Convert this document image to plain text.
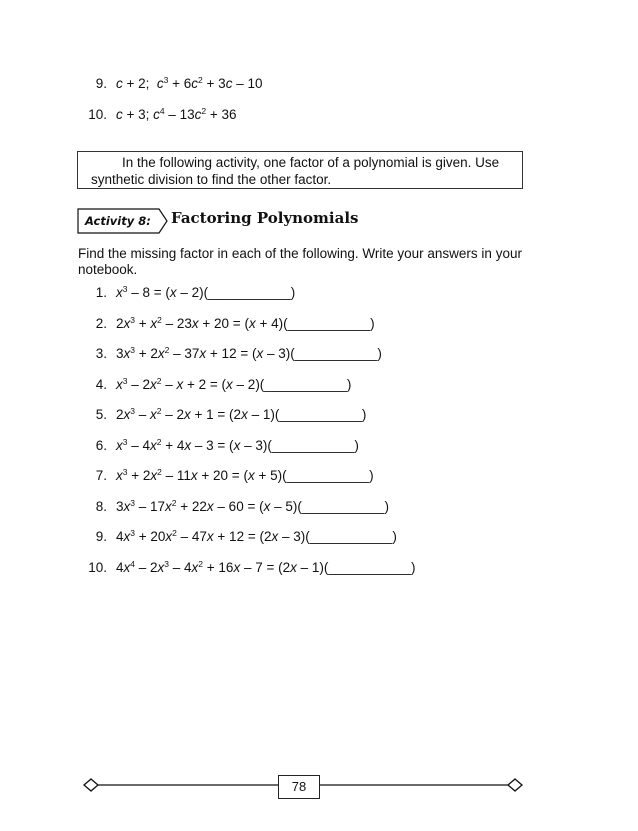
9. c + 2;  $c^3 + 6c^2 + 3c - 10$
10. c + 3; $c^4 - 13c^2 + 36$
In the following activity, one factor of a polynomial is given. Use
synthetic division to find the other factor.
Activity 8: Factoring Polynomials
Find the missing factor in each of the following. Write your answers in your notebook.
1. $x^3 - 8 = (x$ – 2)(___________)
2. $2x^3 + x^2 - 23x + 20 = (x$ + 4)(___________)
3. $3x^3 + 2x^2 - 37x + 12 = (x$ – 3)(___________)
4. $x^3 - 2x^2 - x + 2 = (x$ – 2)(___________)
5. $2x^3 - x^2 - 2x + 1 = (2x$ – 1)(___________)
6. $x^3 - 4x^2 + 4x - 3 = (x$ – 3)(___________)
7. $x^3 + 2x^2 - 11x + 20 = (x$ + 5)(___________)
8. $3x^3 - 17x^2 + 22x - 60 = (x$ – 5)(___________)
9. $4x^3 + 20x^2 - 47x + 12 = (2x$ – 3)(___________)
10. $4x^4 - 2x^3 - 4x^2 + 16x - 7 = (2x$ – 1)(___________)
78
